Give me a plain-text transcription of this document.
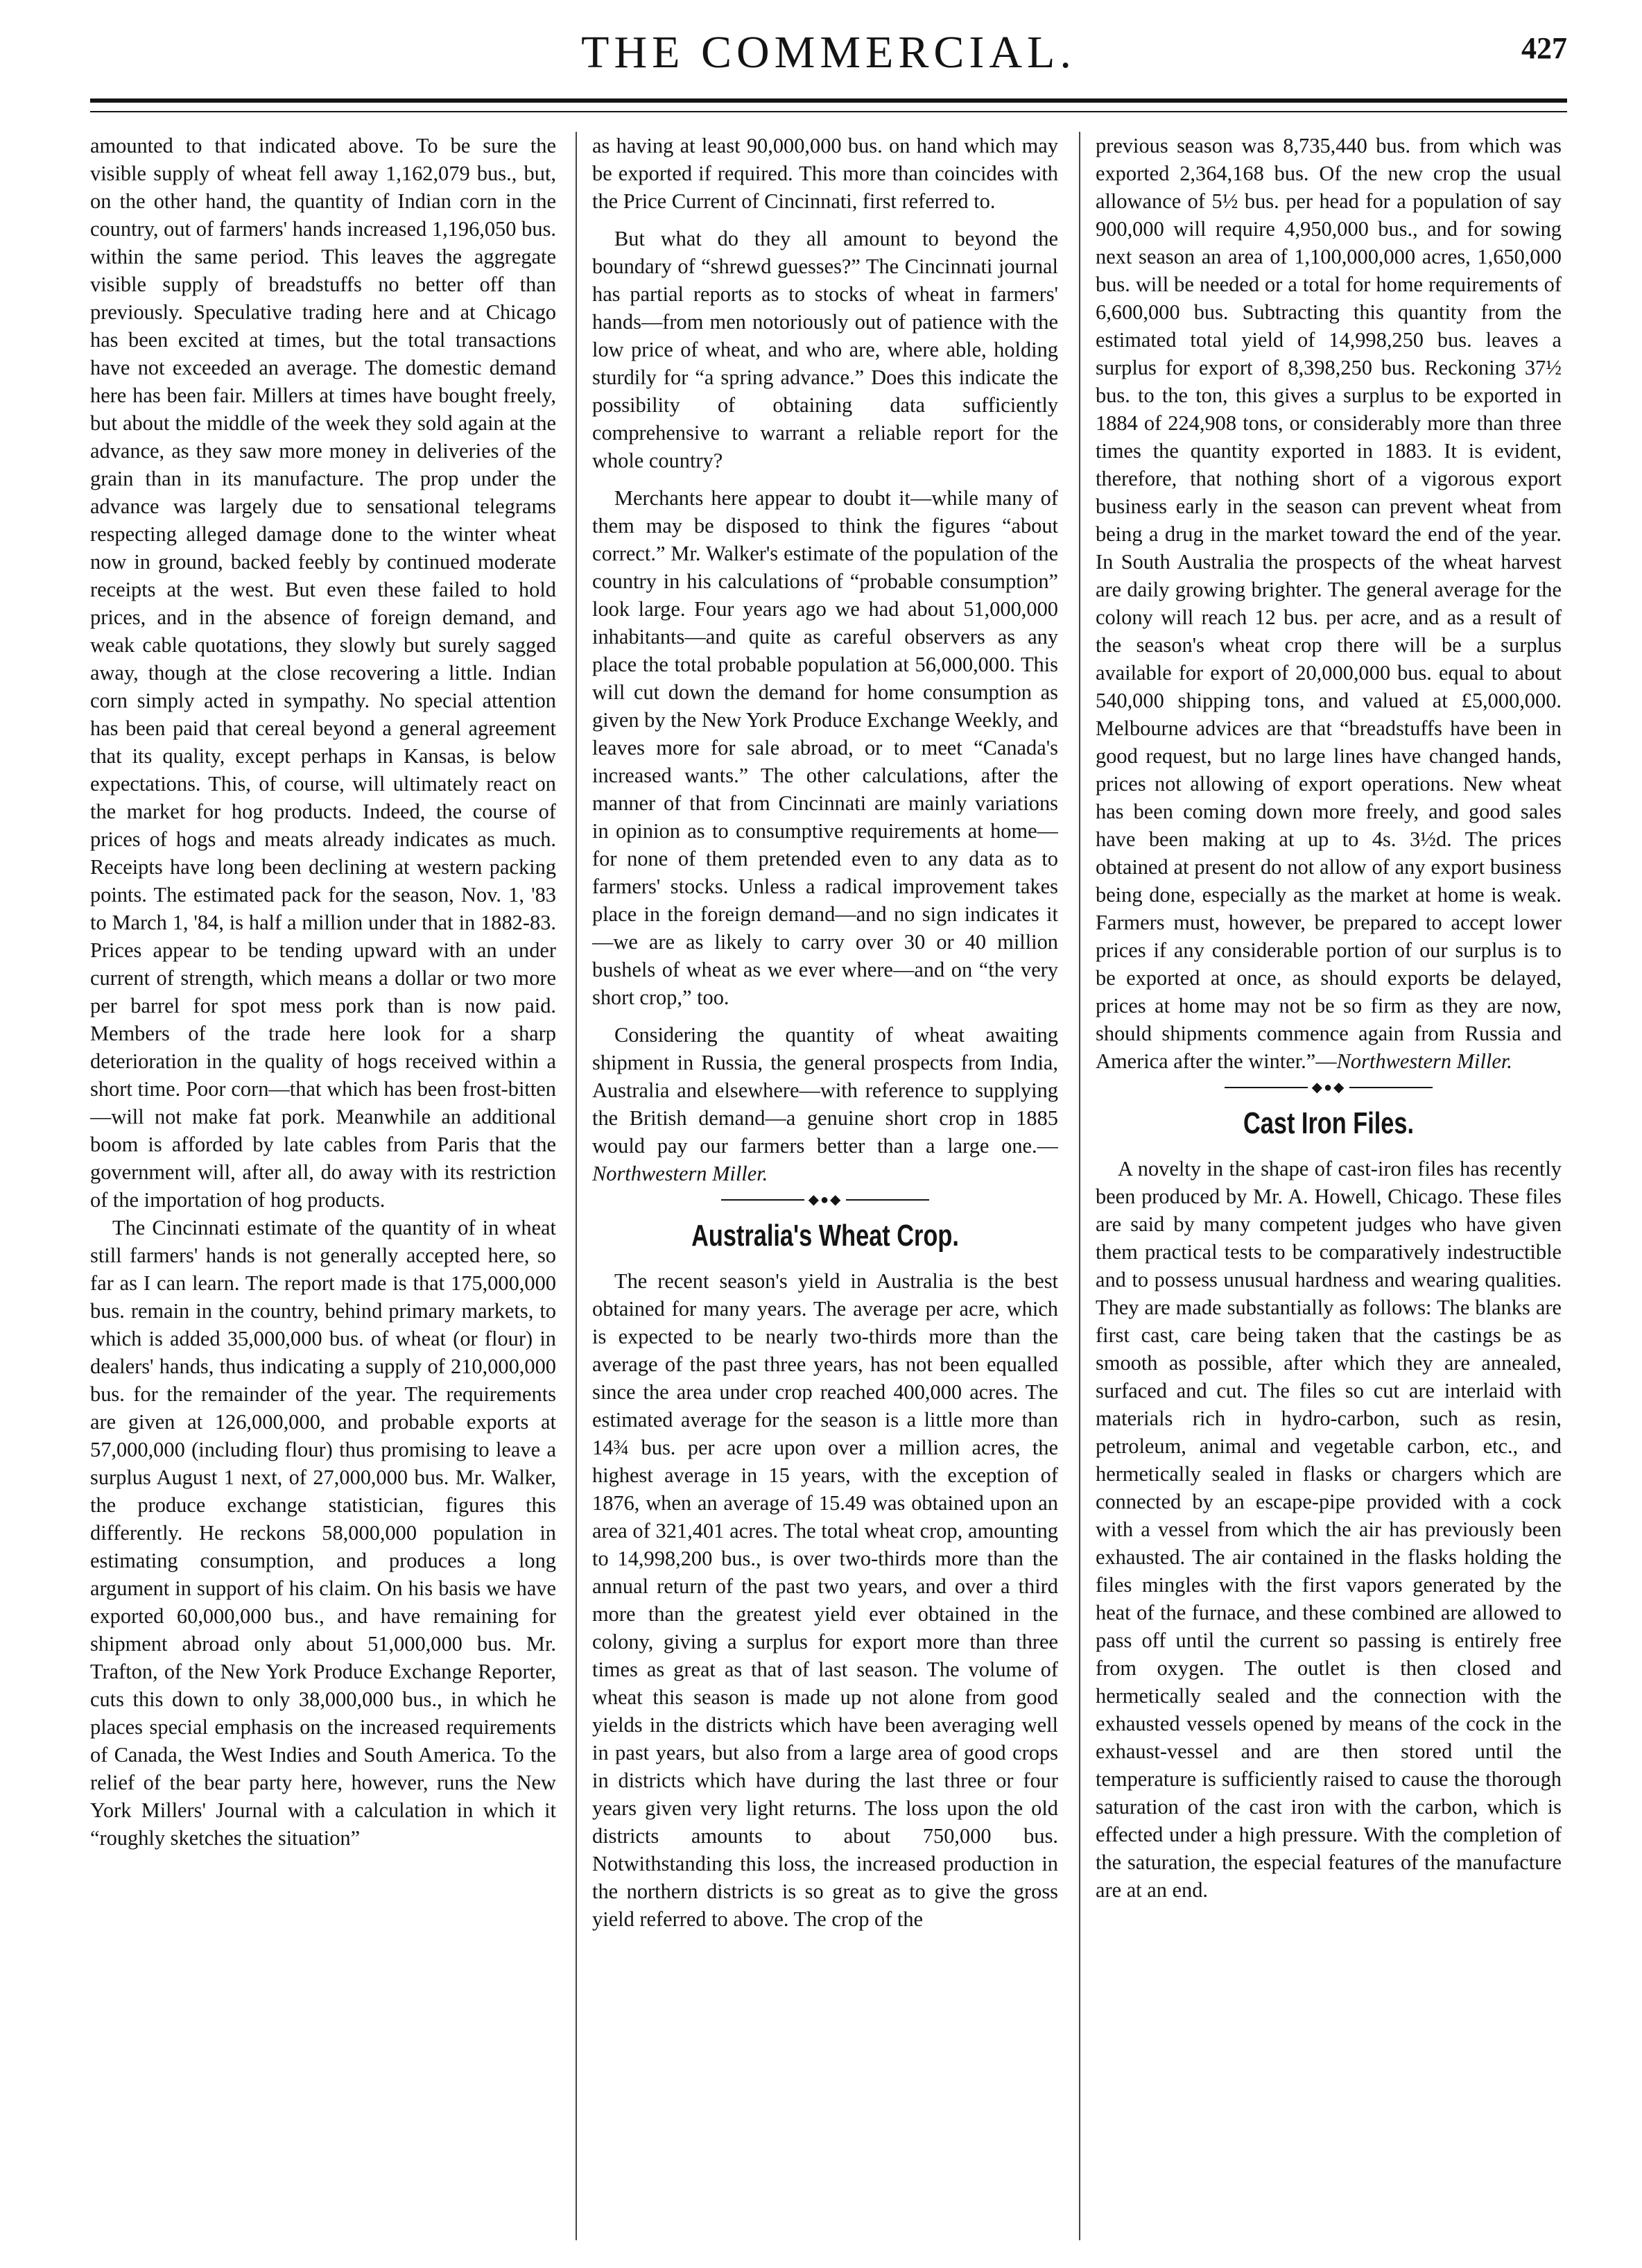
THE COMMERCIAL.	427

amounted to that indicated above. To be sure the visible supply of wheat fell away 1,162,079 bus., but, on the other hand, the quantity of Indian corn in the country, out of farmers' hands increased 1,196,050 bus. within the same period. This leaves the aggregate visible supply of breadstuffs no better off than previously. Speculative trading here and at Chicago has been excited at times, but the total transactions have not exceeded an average. The domestic demand here has been fair. Millers at times have bought freely, but about the middle of the week they sold again at the advance, as they saw more money in deliveries of the grain than in its manufacture. The prop under the advance was largely due to sensational telegrams respecting alleged damage done to the winter wheat now in ground, backed feebly by continued moderate receipts at the west. But even these failed to hold prices, and in the absence of foreign demand, and weak cable quotations, they slowly but surely sagged away, though at the close recovering a little. Indian corn simply acted in sympathy. No special attention has been paid that cereal beyond a general agreement that its quality, except perhaps in Kansas, is below expectations. This, of course, will ultimately react on the market for hog products. Indeed, the course of prices of hogs and meats already indicates as much. Receipts have long been declining at western packing points. The estimated pack for the season, Nov. 1, '83 to March 1, '84, is half a million under that in 1882-83. Prices appear to be tending upward with an under current of strength, which means a dollar or two more per barrel for spot mess pork than is now paid. Members of the trade here look for a sharp deterioration in the quality of hogs received within a short time. Poor corn—that which has been frost-bitten—will not make fat pork. Meanwhile an additional boom is afforded by late cables from Paris that the government will, after all, do away with its restriction of the importation of hog products.

The Cincinnati estimate of the quantity of in wheat still farmers' hands is not generally accepted here, so far as I can learn. The report made is that 175,000,000 bus. remain in the country, behind primary markets, to which is added 35,000,000 bus. of wheat (or flour) in dealers' hands, thus indicating a supply of 210,000,000 bus. for the remainder of the year. The requirements are given at 126,000,000, and probable exports at 57,000,000 (including flour) thus promising to leave a surplus August 1 next, of 27,000,000 bus. Mr. Walker, the produce exchange statistician, figures this differently. He reckons 58,000,000 population in estimating consumption, and produces a long argument in support of his claim. On his basis we have exported 60,000,000 bus., and have remaining for shipment abroad only about 51,000,000 bus. Mr. Trafton, of the New York Produce Exchange Reporter, cuts this down to only 38,000,000 bus., in which he places special emphasis on the increased requirements of Canada, the West Indies and South America. To the relief of the bear party here, however, runs the New York Millers' Journal with a calculation in which it “roughly sketches the situation”

as having at least 90,000,000 bus. on hand which may be exported if required. This more than coincides with the Price Current of Cincinnati, first referred to.

But what do they all amount to beyond the boundary of “shrewd guesses?” The Cincinnati journal has partial reports as to stocks of wheat in farmers' hands—from men notoriously out of patience with the low price of wheat, and who are, where able, holding sturdily for “a spring advance.” Does this indicate the possibility of obtaining data sufficiently comprehensive to warrant a reliable report for the whole country?

Merchants here appear to doubt it—while many of them may be disposed to think the figures “about correct.” Mr. Walker's estimate of the population of the country in his calculations of “probable consumption” look large. Four years ago we had about 51,000,000 inhabitants—and quite as careful observers as any place the total probable population at 56,000,000. This will cut down the demand for home consumption as given by the New York Produce Exchange Weekly, and leaves more for sale abroad, or to meet “Canada's increased wants.” The other calculations, after the manner of that from Cincinnati are mainly variations in opinion as to consumptive requirements at home—for none of them pretended even to any data as to farmers' stocks. Unless a radical improvement takes place in the foreign demand—and no sign indicates it—we are as likely to carry over 30 or 40 million bushels of wheat as we ever where—and on “the very short crop,” too.

Considering the quantity of wheat awaiting shipment in Russia, the general prospects from India, Australia and elsewhere—with reference to supplying the British demand—a genuine short crop in 1885 would pay our farmers better than a large one.—Northwestern Miller.

◆●◆
Australia's Wheat Crop.

The recent season's yield in Australia is the best obtained for many years. The average per acre, which is expected to be nearly two-thirds more than the average of the past three years, has not been equalled since the area under crop reached 400,000 acres. The estimated average for the season is a little more than 14¾ bus. per acre upon over a million acres, the highest average in 15 years, with the exception of 1876, when an average of 15.49 was obtained upon an area of 321,401 acres. The total wheat crop, amounting to 14,998,200 bus., is over two-thirds more than the annual return of the past two years, and over a third more than the greatest yield ever obtained in the colony, giving a surplus for export more than three times as great as that of last season. The volume of wheat this season is made up not alone from good yields in the districts which have been averaging well in past years, but also from a large area of good crops in districts which have during the last three or four years given very light returns. The loss upon the old districts amounts to about 750,000 bus. Notwithstanding this loss, the increased production in the northern districts is so great as to give the gross yield referred to above. The crop of the

previous season was 8,735,440 bus. from which was exported 2,364,168 bus. Of the new crop the usual allowance of 5½ bus. per head for a population of say 900,000 will require 4,950,000 bus., and for sowing next season an area of 1,100,000,000 acres, 1,650,000 bus. will be needed or a total for home requirements of 6,600,000 bus. Subtracting this quantity from the estimated total yield of 14,998,250 bus. leaves a surplus for export of 8,398,250 bus. Reckoning 37½ bus. to the ton, this gives a surplus to be exported in 1884 of 224,908 tons, or considerably more than three times the quantity exported in 1883. It is evident, therefore, that nothing short of a vigorous export business early in the season can prevent wheat from being a drug in the market toward the end of the year. In South Australia the prospects of the wheat harvest are daily growing brighter. The general average for the colony will reach 12 bus. per acre, and as a result of the season's wheat crop there will be a surplus available for export of 20,000,000 bus. equal to about 540,000 shipping tons, and valued at £5,000,000. Melbourne advices are that “breadstuffs have been in good request, but no large lines have changed hands, prices not allowing of export operations. New wheat has been coming down more freely, and good sales have been making at up to 4s. 3½d. The prices obtained at present do not allow of any export business being done, especially as the market at home is weak. Farmers must, however, be prepared to accept lower prices if any considerable portion of our surplus is to be exported at once, as should exports be delayed, prices at home may not be so firm as they are now, should shipments commence again from Russia and America after the winter.”—Northwestern Miller.

◆●◆
Cast Iron Files.

A novelty in the shape of cast-iron files has recently been produced by Mr. A. Howell, Chicago. These files are said by many competent judges who have given them practical tests to be comparatively indestructible and to possess unusual hardness and wearing qualities. They are made substantially as follows: The blanks are first cast, care being taken that the castings be as smooth as possible, after which they are annealed, surfaced and cut. The files so cut are interlaid with materials rich in hydro-carbon, such as resin, petroleum, animal and vegetable carbon, etc., and hermetically sealed in flasks or chargers which are connected by an escape-pipe provided with a cock with a vessel from which the air has previously been exhausted. The air contained in the flasks holding the files mingles with the first vapors generated by the heat of the furnace, and these combined are allowed to pass off until the current so passing is entirely free from oxygen. The outlet is then closed and hermetically sealed and the connection with the exhausted vessels opened by means of the cock in the exhaust-vessel and are then stored until the temperature is sufficiently raised to cause the thorough saturation of the cast iron with the carbon, which is effected under a high pressure. With the completion of the saturation, the especial features of the manufacture are at an end.
